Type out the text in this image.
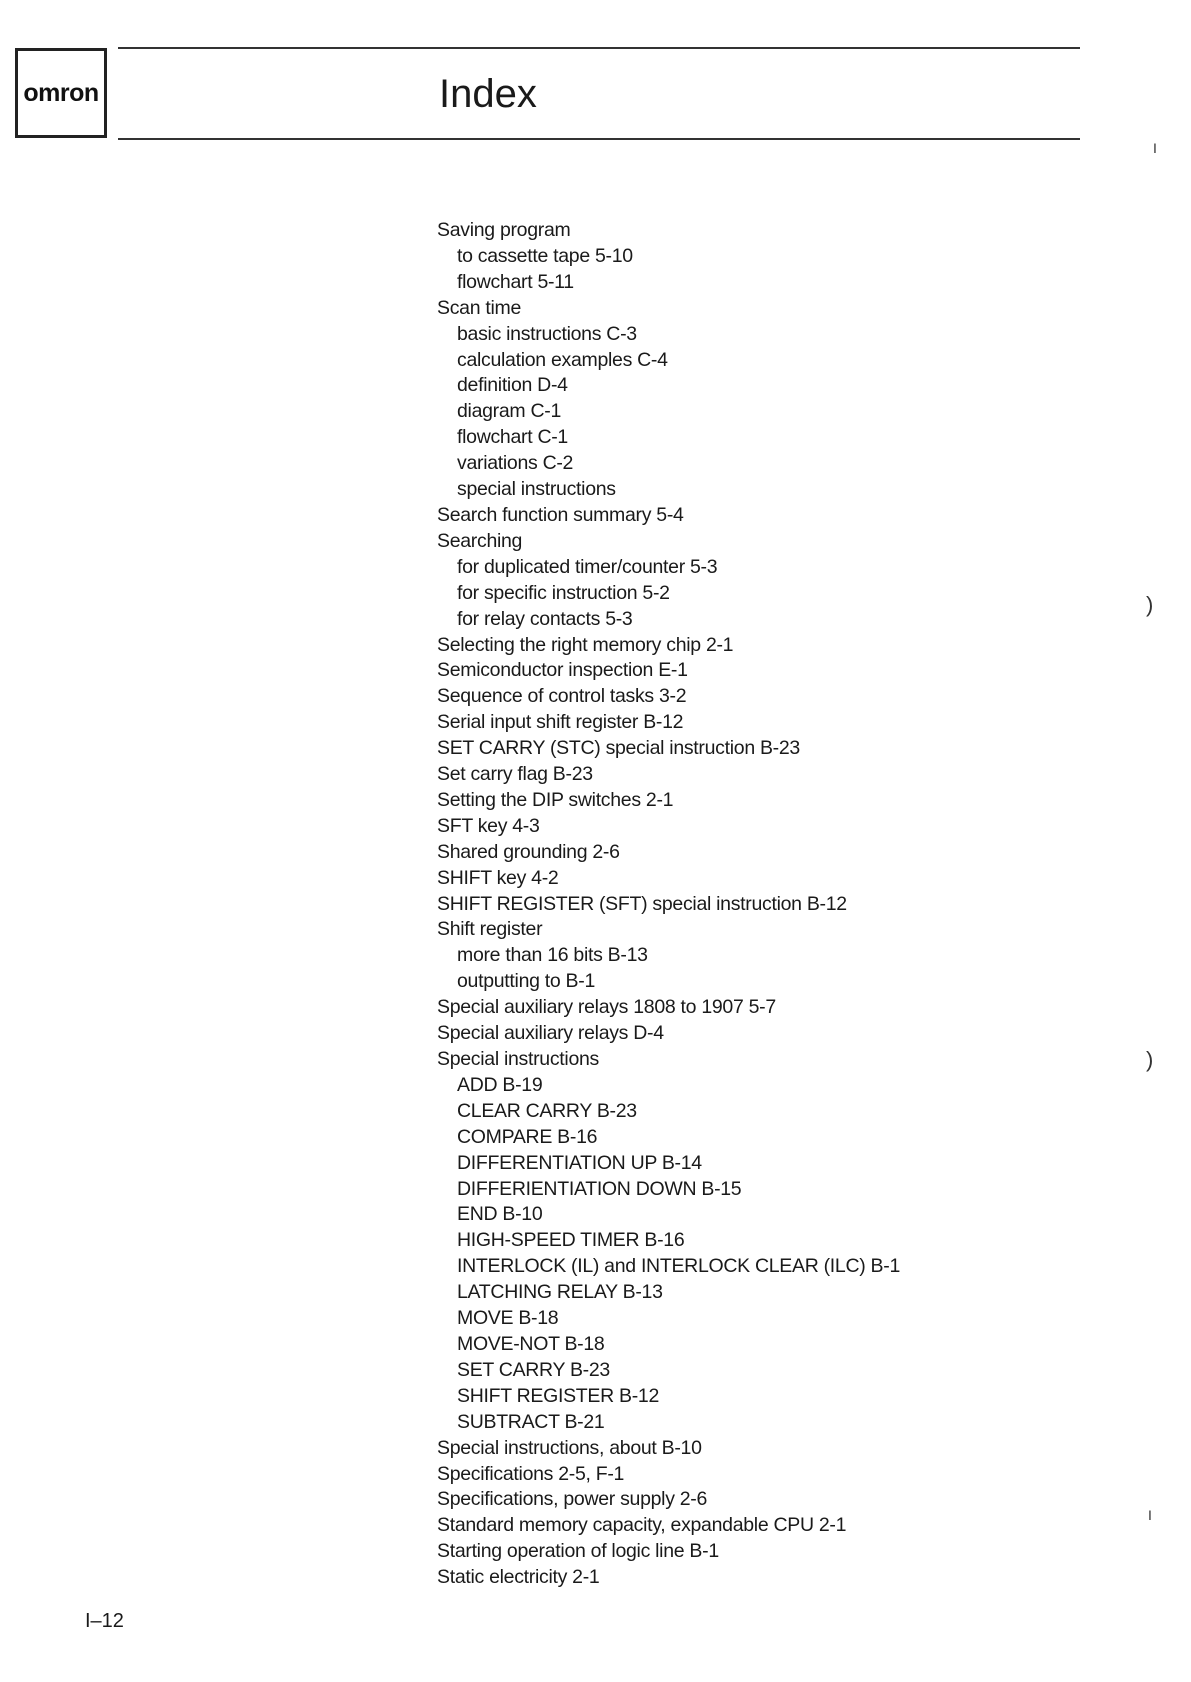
omron	Index
Saving program
to cassette tape 5-10
flowchart 5-11
Scan time
basic instructions C-3
calculation examples C-4
definition D-4
diagram C-1
flowchart C-1
variations C-2
special instructions
Search function summary 5-4
Searching
for duplicated timer/counter 5-3
for specific instruction 5-2
for relay contacts 5-3
Selecting the right memory chip 2-1
Semiconductor inspection E-1
Sequence of control tasks 3-2
Serial input shift register B-12
SET CARRY (STC) special instruction B-23
Set carry flag B-23
Setting the DIP switches 2-1
SFT key 4-3
Shared grounding 2-6
SHIFT key 4-2
SHIFT REGISTER (SFT) special instruction B-12
Shift register
more than 16 bits B-13
outputting to B-1
Special auxiliary relays 1808 to 1907 5-7
Special auxiliary relays D-4
Special instructions
ADD B-19
CLEAR CARRY B-23
COMPARE B-16
DIFFERENTIATION UP B-14
DIFFERIENTIATION DOWN B-15
END B-10
HIGH-SPEED TIMER B-16
INTERLOCK (IL) and INTERLOCK CLEAR (ILC) B-1
LATCHING RELAY B-13
MOVE B-18
MOVE-NOT B-18
SET CARRY B-23
SHIFT REGISTER B-12
SUBTRACT B-21
Special instructions, about B-10
Specifications 2-5, F-1
Specifications, power supply 2-6
Standard memory capacity, expandable CPU 2-1
Starting operation of logic line B-1
Static electricity 2-1
I–12
I
)
)
I
